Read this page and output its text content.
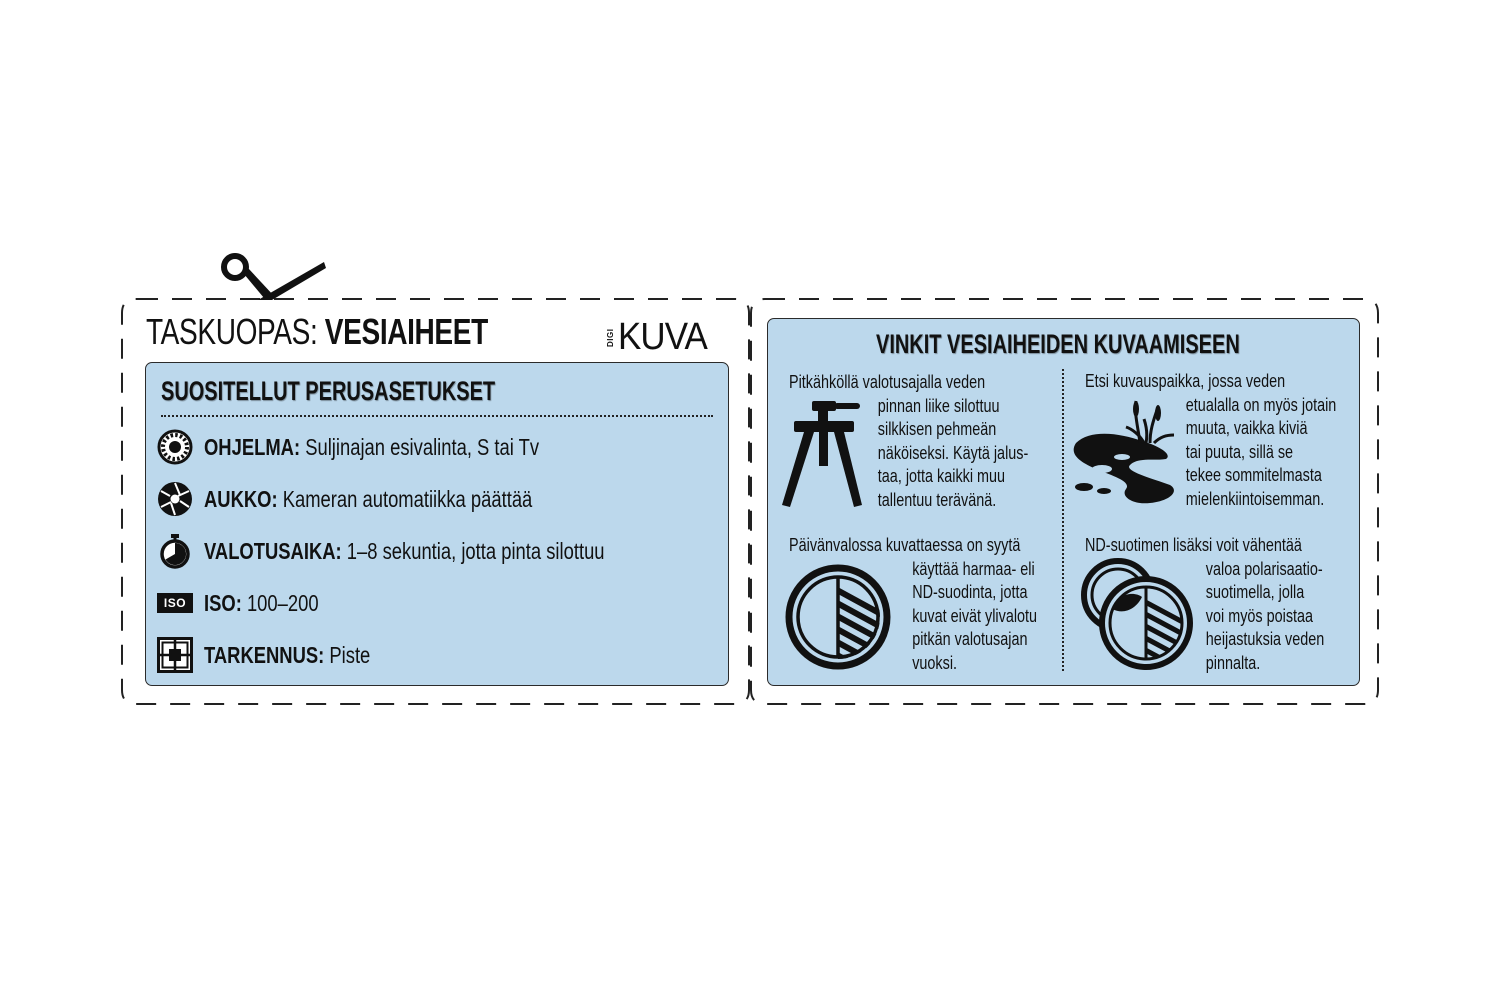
TASKUOPAS: VESIAIHEET	DIGI KUVA
SUOSITELLUT PERUSASETUKSET
OHJELMA: Suljinajan esivalinta, S tai Tv
AUKKO: Kameran automatiikka päättää
VALOTUSAIKA: 1–8 sekuntia, jotta pinta silottuu
ISO ISO: 100–200
TARKENNUS: Piste
VINKIT VESIAIHEIDEN KUVAAMISEEN
Pitkähköllä valotusajalla veden
pinnan liike silottuu
silkkisen pehmeän
näköiseksi. Käytä jalus-
taa, jotta kaikki muu
tallentuu terävänä.
Etsi kuvauspaikka, jossa veden
etualalla on myös jotain
muuta, vaikka kiviä
tai puuta, sillä se
tekee sommitelmasta
mielenkiintoisemman.
Päivänvalossa kuvattaessa on syytä
käyttää harmaa- eli
ND-suodinta, jotta
kuvat eivät ylivalotu
pitkän valotusajan
vuoksi.
ND-suotimen lisäksi voit vähentää
valoa polarisaatio-
suotimella, jolla
voi myös poistaa
heijastuksia veden
pinnalta.
